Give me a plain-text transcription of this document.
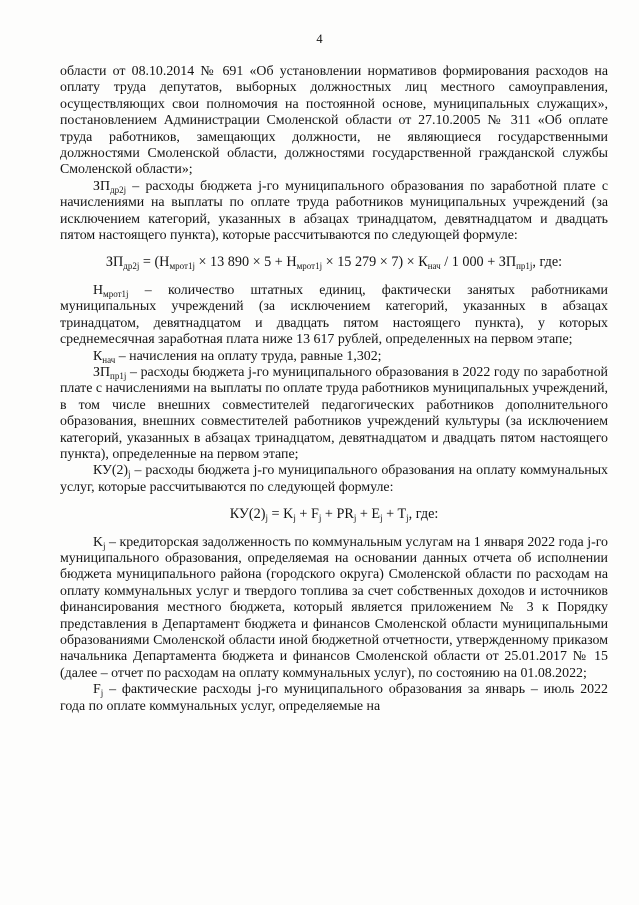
4

области от 08.10.2014 № 691 «Об установлении нормативов формирования расходов на оплату труда депутатов, выборных должностных лиц местного самоуправления, осуществляющих свои полномочия на постоянной основе, муниципальных служащих», постановлением Администрации Смоленской области от 27.10.2005 № 311 «Об оплате труда работников, замещающих должности, не являющиеся государственными должностями Смоленской области, должностями государственной гражданской службы Смоленской области»;

$ЗП_{др2j}$ – расходы бюджета j-го муниципального образования по заработной плате с начислениями на выплаты по оплате труда работников муниципальных учреждений (за исключением категорий, указанных в абзацах тринадцатом, девятнадцатом и двадцать пятом настоящего пункта), которые рассчитываются по следующей формуле:

$ЗП_{др2j} = (Н_{мрот1j} \times 13$ $890 \times 5 + Н_{мрот1j} \times 15$ $279 \times 7) \times К_{нач} / 1$ $000 + ЗП_{пр1j}$, где:

$Н_{мрот1j}$ – количество штатных единиц, фактически занятых работниками муниципальных учреждений (за исключением категорий, указанных в абзацах тринадцатом, девятнадцатом и двадцать пятом настоящего пункта), у которых среднемесячная заработная плата ниже 13 617 рублей, определенных на первом этапе;

$К_{нач}$ – начисления на оплату труда, равные 1,302;

$ЗП_{пр1j}$ – расходы бюджета j-го муниципального образования в 2022 году по заработной плате с начислениями на выплаты по оплате труда работников муниципальных учреждений, в том числе внешних совместителей педагогических работников дополнительного образования, внешних совместителей работников учреждений культуры (за исключением категорий, указанных в абзацах тринадцатом, девятнадцатом и двадцать пятом настоящего пункта), определенные на первом этапе;

$КУ(2)_j$ – расходы бюджета j-го муниципального образования на оплату коммунальных услуг, которые рассчитываются по следующей формуле:

$КУ(2)_j = K_j + F_j + PR_j + E_j + T_j$, где:

$K_j$ – кредиторская задолженность по коммунальным услугам на 1 января 2022 года j-го муниципального образования, определяемая на основании данных отчета об исполнении бюджета муниципального района (городского округа) Смоленской области по расходам на оплату коммунальных услуг и твердого топлива за счет собственных доходов и источников финансирования местного бюджета, который является приложением № 3 к Порядку представления в Департамент бюджета и финансов Смоленской области муниципальными образованиями Смоленской области иной бюджетной отчетности, утвержденному приказом начальника Департамента бюджета и финансов Смоленской области от 25.01.2017 № 15 (далее – отчет по расходам на оплату коммунальных услуг), по состоянию на 01.08.2022;

$F_j$ – фактические расходы j-го муниципального образования за январь – июль 2022 года по оплате коммунальных услуг, определяемые на
